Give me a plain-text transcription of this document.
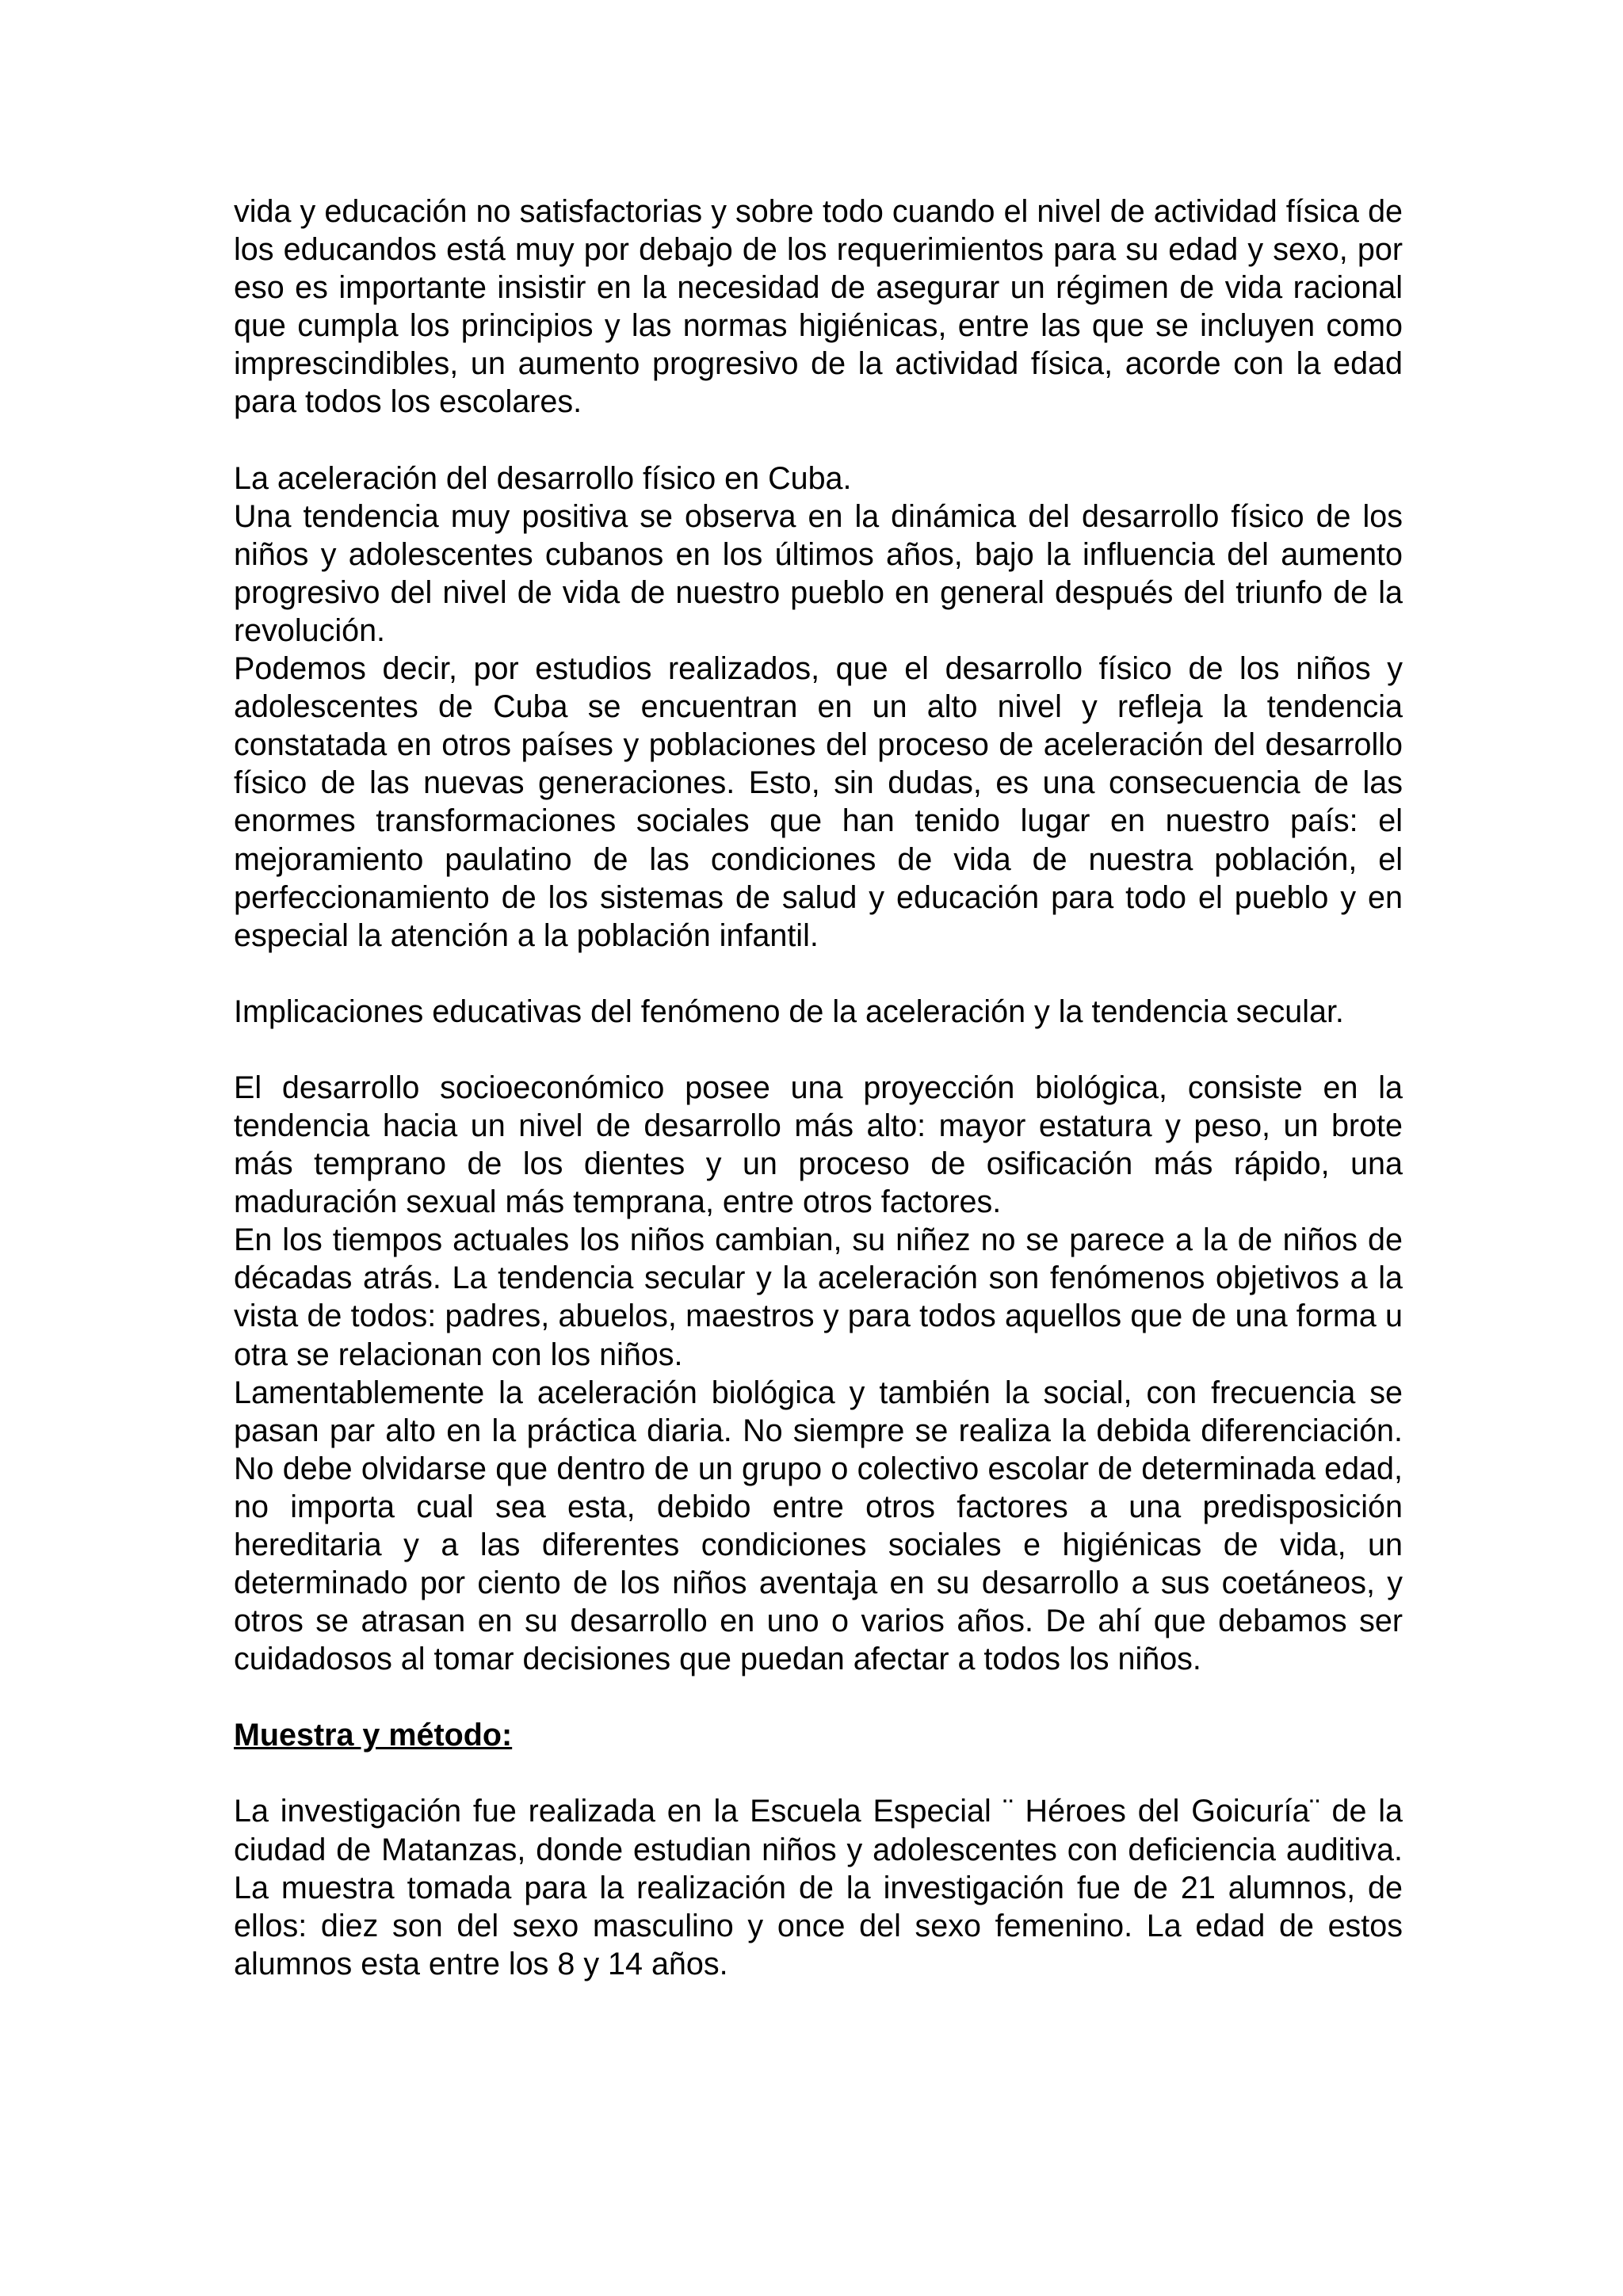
vida y educación no satisfactorias y sobre todo cuando el nivel de actividad física de los educandos está muy por debajo de los requerimientos para su edad y sexo, por eso es importante insistir en la necesidad de asegurar un régimen de vida racional que cumpla los principios y las normas higiénicas, entre las que se incluyen como imprescindibles, un aumento progresivo de la actividad física, acorde con la edad para todos los escolares.

La aceleración del desarrollo físico en Cuba.

Una tendencia muy positiva se observa en la dinámica del desarrollo físico de los niños y adolescentes cubanos en los últimos años, bajo la influencia del aumento progresivo del nivel de vida de nuestro pueblo en general después del triunfo de la revolución.

Podemos decir, por estudios realizados, que el desarrollo físico de los niños y adolescentes de Cuba se encuentran en un alto nivel y refleja la tendencia constatada en otros países y poblaciones del proceso de aceleración del desarrollo físico de las nuevas generaciones. Esto, sin dudas, es una consecuencia de las enormes transformaciones sociales que han tenido lugar en nuestro país: el mejoramiento paulatino de las condiciones de vida de nuestra población, el perfeccionamiento de los sistemas de salud y educación para todo el pueblo y en especial la atención a la población infantil.

Implicaciones educativas del fenómeno de la aceleración y la tendencia secular.

El desarrollo socioeconómico posee una proyección biológica, consiste en la tendencia hacia un nivel de desarrollo más alto: mayor estatura y peso, un brote más temprano de los dientes y un proceso de osificación más rápido, una maduración sexual más temprana, entre otros factores.

En los tiempos actuales los niños cambian, su niñez no se parece a la de niños de décadas atrás. La tendencia secular y la aceleración son fenómenos objetivos a la vista de todos: padres, abuelos, maestros y para todos aquellos que de una forma u otra se relacionan con los niños.

Lamentablemente la aceleración biológica y también la social, con frecuencia se pasan par alto en la práctica diaria. No siempre se realiza la debida diferenciación. No debe olvidarse que dentro de un grupo o colectivo escolar de determinada edad, no importa cual sea esta, debido entre otros factores a una predisposición hereditaria y a las diferentes condiciones sociales e higiénicas de vida, un determinado por ciento de los niños aventaja en su desarrollo a sus coetáneos, y otros se atrasan en su desarrollo en uno o varios años. De ahí que debamos ser cuidadosos al tomar decisiones que puedan afectar a todos los niños.

Muestra y método:

La investigación fue realizada en la Escuela Especial ¨ Héroes del Goicuría¨ de la ciudad de Matanzas, donde estudian niños y adolescentes con deficiencia auditiva. La muestra tomada para la realización de la investigación fue de 21 alumnos, de ellos: diez son del sexo masculino y once del sexo femenino. La edad de estos alumnos esta entre los 8 y 14 años.
